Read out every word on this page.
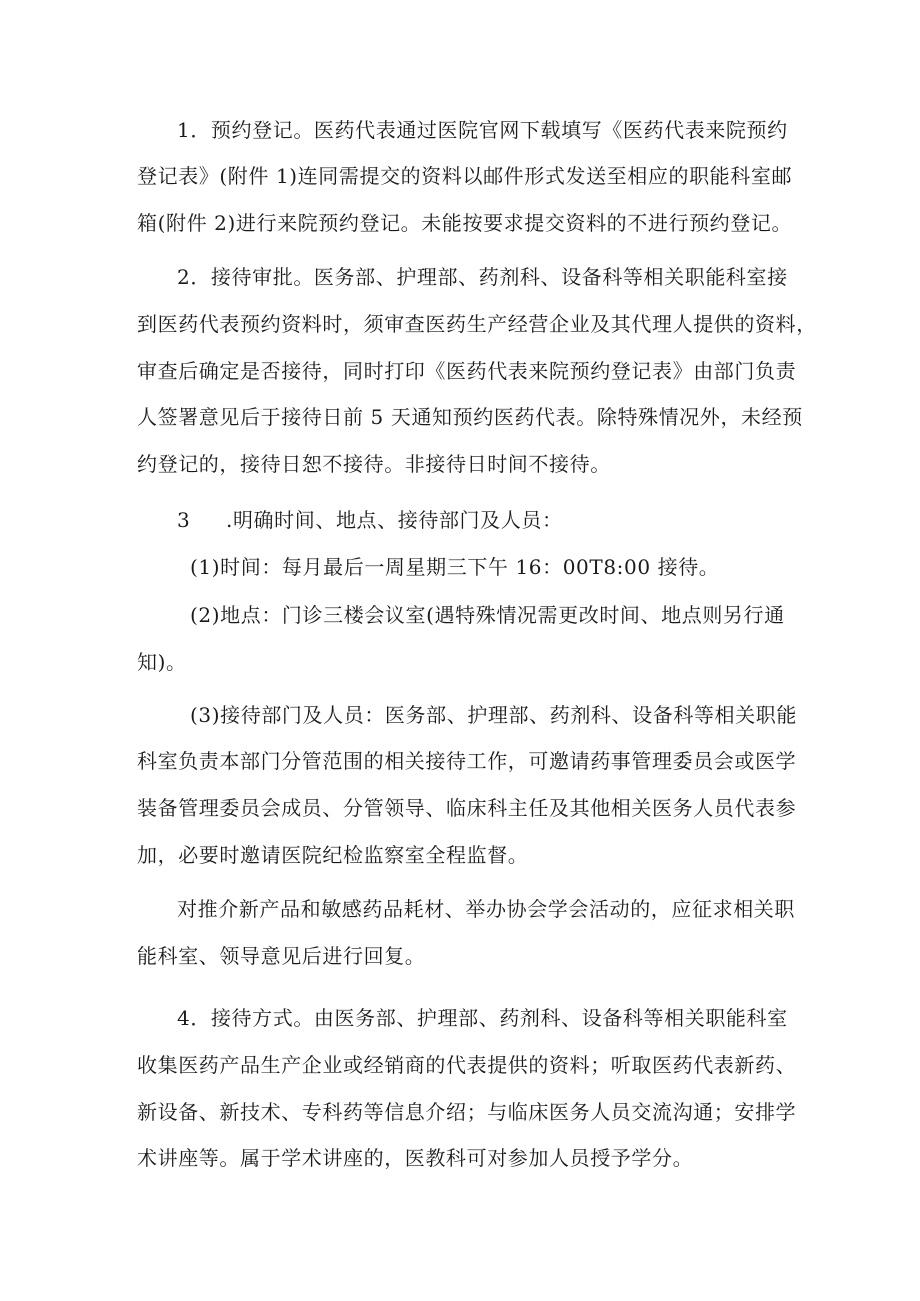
1．预约登记。医药代表通过医院官网下载填写《医药代表来院预约
登记表》(附件 1)连同需提交的资料以邮件形式发送至相应的职能科室邮
箱(附件 2)进行来院预约登记。未能按要求提交资料的不进行预约登记。
2．接待审批。医务部、护理部、药剂科、设备科等相关职能科室接
到医药代表预约资料时，须审查医药生产经营企业及其代理人提供的资料，
审查后确定是否接待，同时打印《医药代表来院预约登记表》由部门负责
人签署意见后于接待日前 5 天通知预约医药代表。除特殊情况外，未经预
约登记的，接待日恕不接待。非接待日时间不接待。
3 .明确时间、地点、接待部门及人员：
(1)时间：每月最后一周星期三下午 16：00T8:00 接待。
(2)地点：门诊三楼会议室(遇特殊情况需更改时间、地点则另行通
知)。
(3)接待部门及人员：医务部、护理部、药剂科、设备科等相关职能
科室负责本部门分管范围的相关接待工作，可邀请药事管理委员会或医学
装备管理委员会成员、分管领导、临床科主任及其他相关医务人员代表参
加，必要时邀请医院纪检监察室全程监督。
对推介新产品和敏感药品耗材、举办协会学会活动的，应征求相关职
能科室、领导意见后进行回复。
4．接待方式。由医务部、护理部、药剂科、设备科等相关职能科室
收集医药产品生产企业或经销商的代表提供的资料；听取医药代表新药、
新设备、新技术、专科药等信息介绍；与临床医务人员交流沟通；安排学
术讲座等。属于学术讲座的，医教科可对参加人员授予学分。
